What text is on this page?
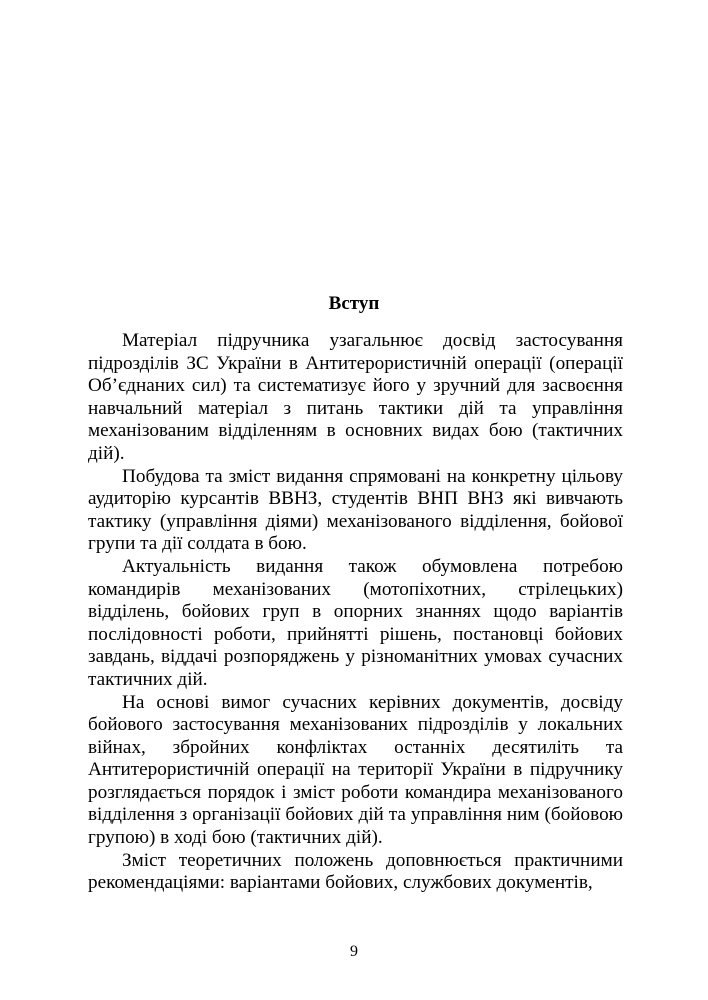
Вступ

Матеріал підручника узагальнює досвід застосування підрозділів ЗС України в Антитерористичній операції (операції Об’єднаних сил) та систематизує його у зручний для засвоєння навчальний матеріал з питань тактики дій та управління механізованим відділенням в основних видах бою (тактичних дій).

Побудова та зміст видання спрямовані на конкретну цільову аудиторію курсантів ВВНЗ, студентів ВНП ВНЗ які вивчають тактику (управління діями) механізованого відділення, бойової групи та дії солдата в бою.

Актуальність видання також обумовлена потребою командирів механізованих (мотопіхотних, стрілецьких) відділень, бойових груп в опорних знаннях щодо варіантів послідовності роботи, прийнятті рішень, постановці бойових завдань, віддачі розпоряджень у різноманітних умовах сучасних тактичних дій.

На основі вимог сучасних керівних документів, досвіду бойового застосування механізованих підрозділів у локальних війнах, збройних конфліктах останніх десятиліть та Антитерористичній операції на території України в підручнику розглядається порядок і зміст роботи командира механізованого відділення з організації бойових дій та управління ним (бойовою групою) в ході бою (тактичних дій).

Зміст теоретичних положень доповнюється практичними рекомендаціями: варіантами бойових, службових документів,

9
